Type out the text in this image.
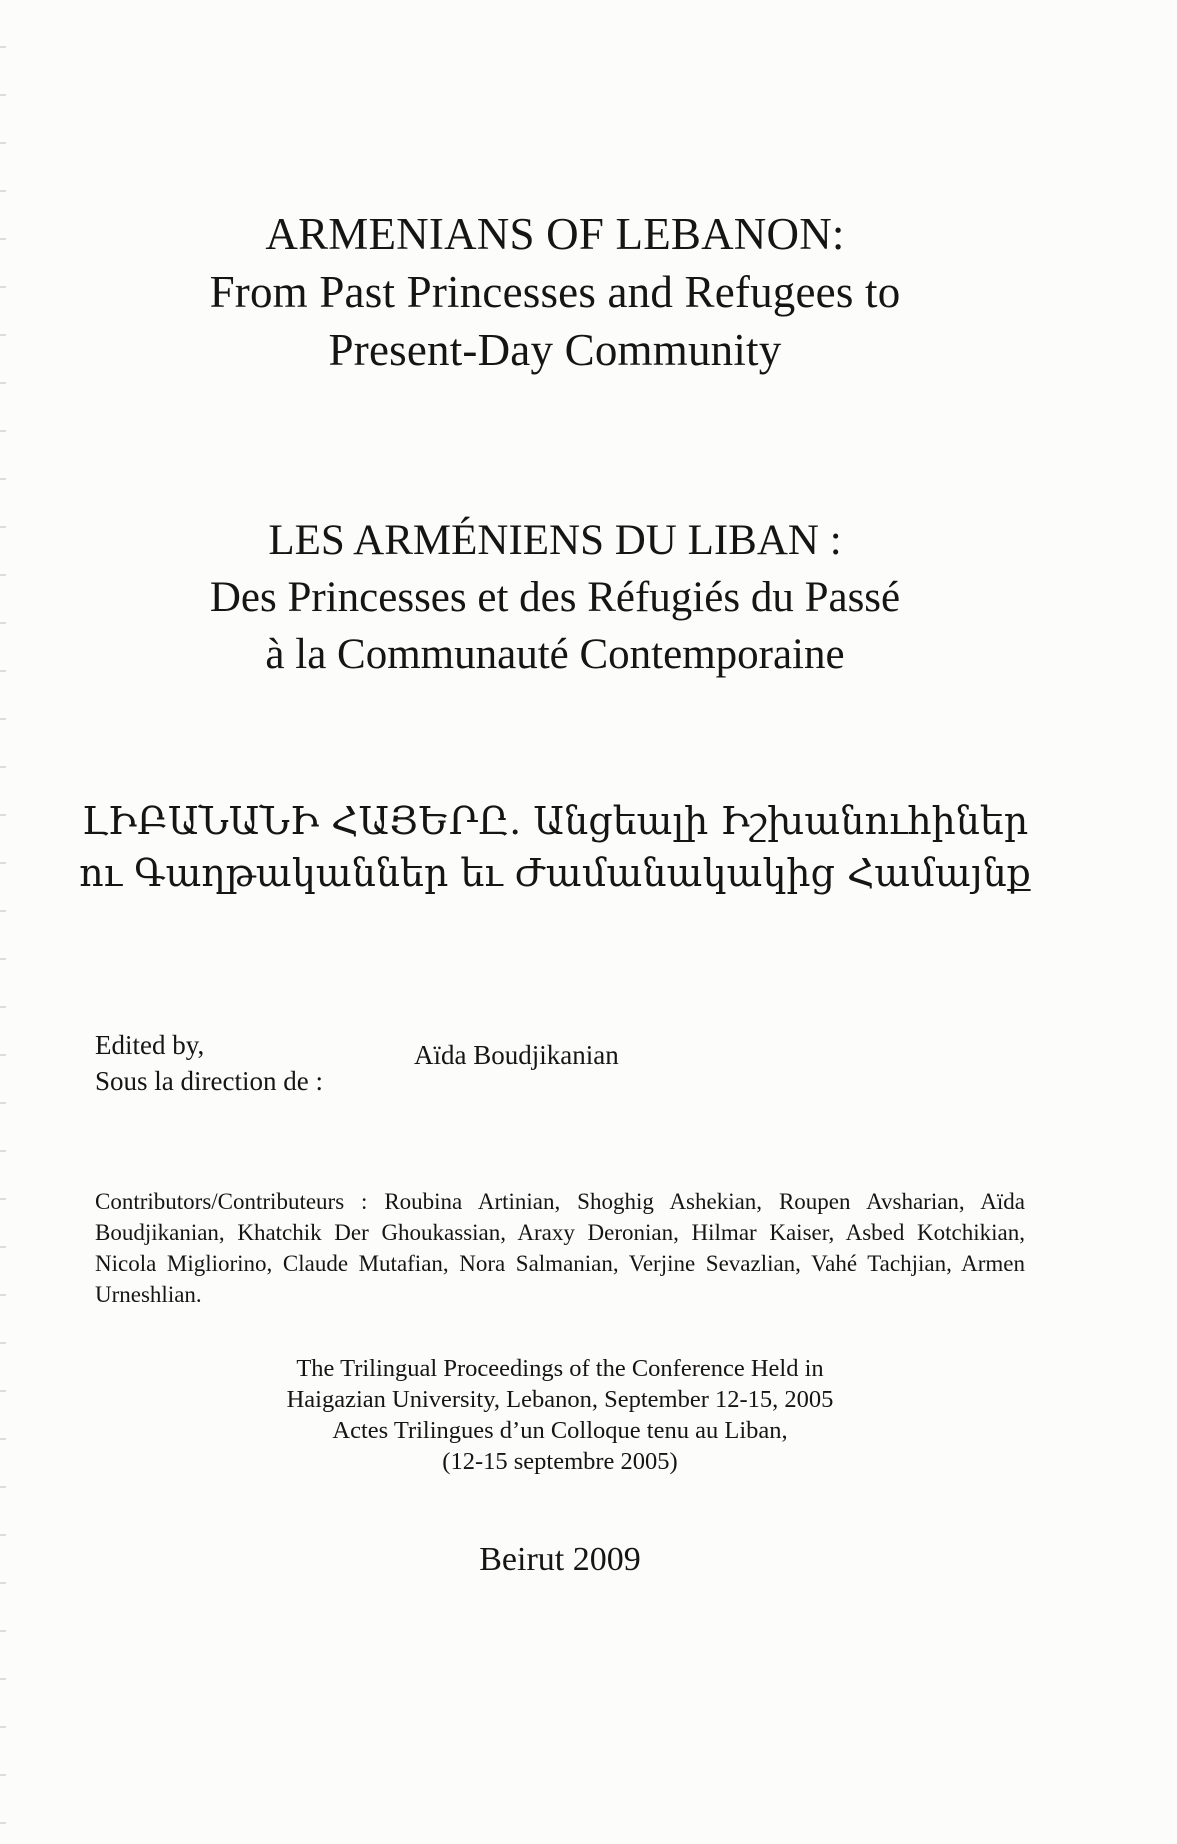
ARMENIANS OF LEBANON:
From Past Princesses and Refugees to
Present-Day Community
LES ARMÉNIENS DU LIBAN :
Des Princesses et des Réfugiés du Passé
à la Communauté Contemporaine
ԼԻԲԱՆԱՆԻ ՀԱՅԵՐԸ. Անցեալի Իշխանուհիներ
ու Գաղթականներ եւ Ժամանակակից Համայնք
Edited by,
Sous la direction de :
Aïda Boudjikanian
Contributors/Contributeurs : Roubina Artinian, Shoghig Ashekian, Roupen Avsharian, Aïda Boudjikanian, Khatchik Der Ghoukassian, Araxy Deronian, Hilmar Kaiser, Asbed Kotchikian, Nicola Migliorino, Claude Mutafian, Nora Salmanian, Verjine Sevazlian, Vahé Tachjian, Armen Urneshlian.
The Trilingual Proceedings of the Conference Held in
Haigazian University, Lebanon, September 12-15, 2005
Actes Trilingues d’un Colloque tenu au Liban,
(12-15 septembre 2005)
Beirut 2009
